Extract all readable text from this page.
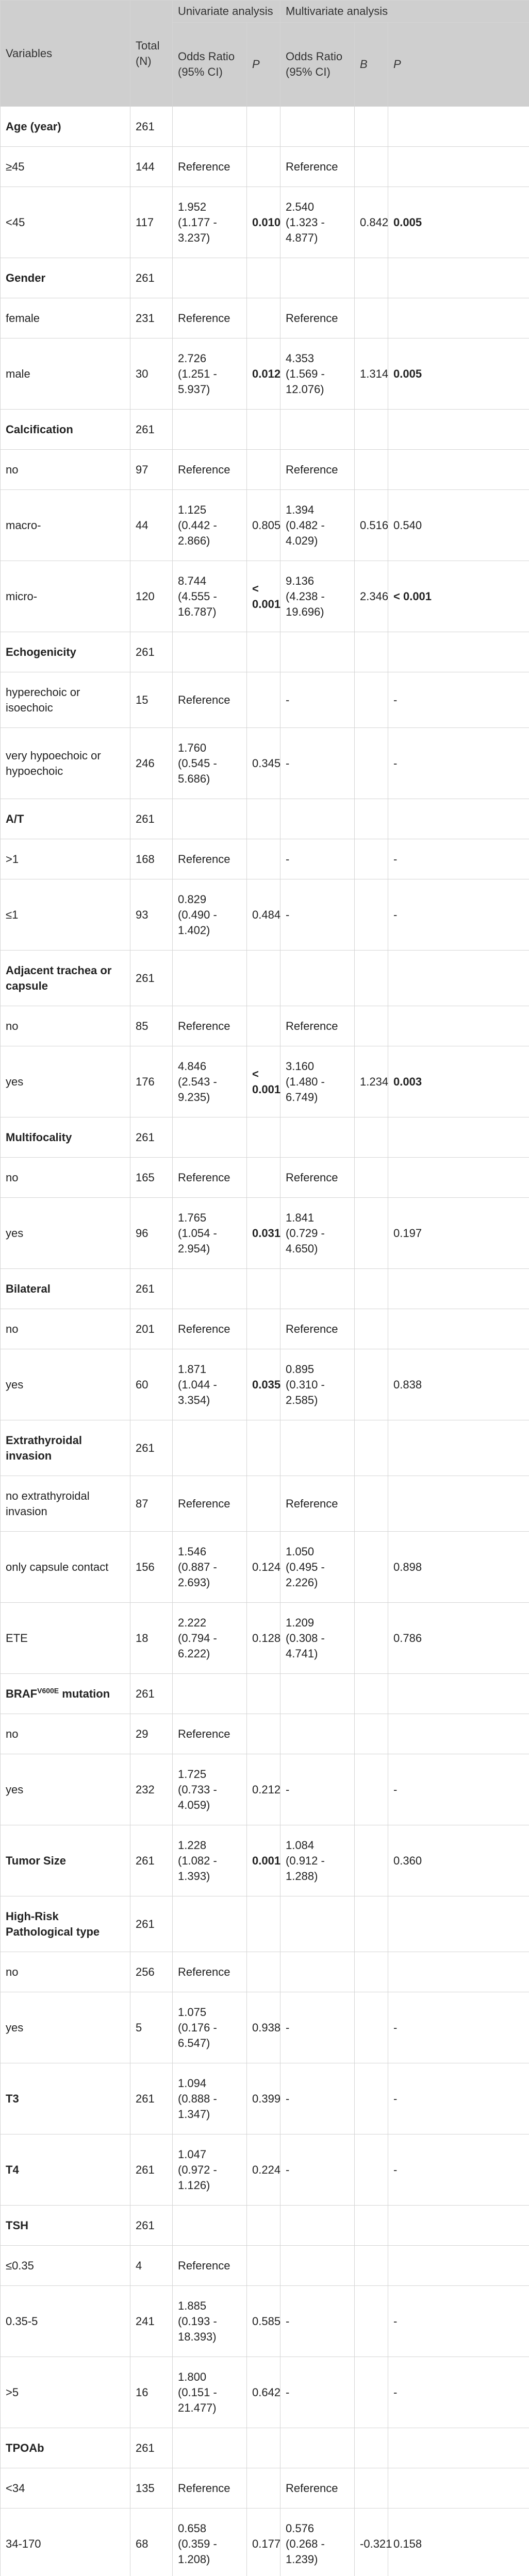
Variables	Total (N)	Univariate analysis		Multivariate analysis		
		Odds Ratio (95% CI)	P	Odds Ratio (95% CI)	B	P
Age (year)	261					
≥45	144	Reference		Reference		
<45	117	1.952 (1.177 - 3.237)	0.010	2.540 (1.323 - 4.877)	0.842	0.005
Gender	261					
female	231	Reference		Reference		
male	30	2.726 (1.251 - 5.937)	0.012	4.353 (1.569 - 12.076)	1.314	0.005
Calcification	261					
no	97	Reference		Reference		
macro-	44	1.125 (0.442 - 2.866)	0.805	1.394 (0.482 - 4.029)	0.516	0.540
micro-	120	8.744 (4.555 - 16.787)	< 0.001	9.136 (4.238 - 19.696)	2.346	< 0.001
Echogenicity	261					
hyperechoic or isoechoic	15	Reference		-		-
very hypoechoic or hypoechoic	246	1.760 (0.545 - 5.686)	0.345	-		-
A/T	261					
>1	168	Reference		-		-
≤1	93	0.829 (0.490 - 1.402)	0.484	-		-
Adjacent trachea or capsule	261					
no	85	Reference		Reference		
yes	176	4.846 (2.543 - 9.235)	< 0.001	3.160 (1.480 - 6.749)	1.234	0.003
Multifocality	261					
no	165	Reference		Reference		
yes	96	1.765 (1.054 - 2.954)	0.031	1.841 (0.729 - 4.650)		0.197
Bilateral	261					
no	201	Reference		Reference		
yes	60	1.871 (1.044 - 3.354)	0.035	0.895 (0.310 - 2.585)		0.838
Extrathyroidal invasion	261					
no extrathyroidal invasion	87	Reference		Reference		
only capsule contact	156	1.546 (0.887 - 2.693)	0.124	1.050 (0.495 - 2.226)		0.898
ETE	18	2.222 (0.794 - 6.222)	0.128	1.209 (0.308 - 4.741)		0.786
$BRAF^{V600E}$ mutation	261					
no	29	Reference				
yes	232	1.725 (0.733 - 4.059)	0.212	-		-
Tumor Size	261	1.228 (1.082 - 1.393)	0.001	1.084 (0.912 - 1.288)		0.360
High-Risk Pathological type	261					
no	256	Reference				
yes	5	1.075 (0.176 - 6.547)	0.938	-		-
T3	261	1.094 (0.888 - 1.347)	0.399	-		-
T4	261	1.047 (0.972 - 1.126)	0.224	-		-
TSH	261					
≤0.35	4	Reference				
0.35-5	241	1.885 (0.193 - 18.393)	0.585	-		-
>5	16	1.800 (0.151 - 21.477)	0.642	-		-
TPOAb	261					
<34	135	Reference		Reference		
34-170	68	0.658 (0.359 - 1.208)	0.177	0.576 (0.268 - 1.239)	-0.321	0.158
